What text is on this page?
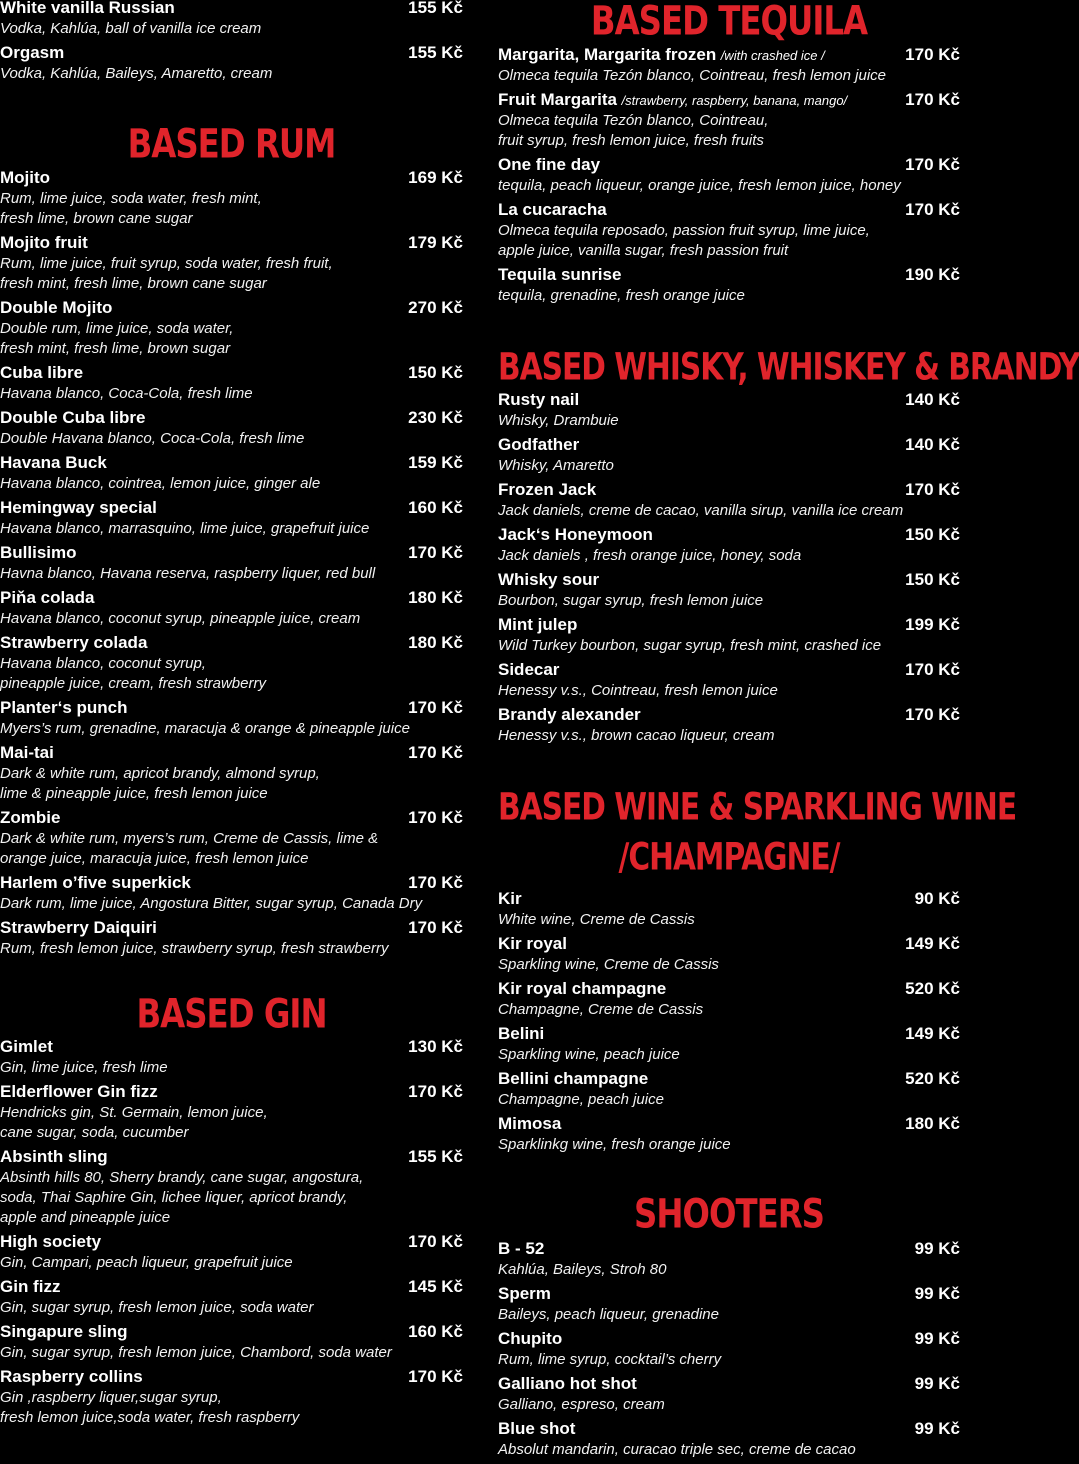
White vanilla Russian	155 Kč
Vodka, Kahlúa, ball of vanilla ice cream
Orgasm	155 Kč
Vodka, Kahlúa, Baileys, Amaretto, cream
BASED RUM
Mojito	169 Kč
Rum, lime juice, soda water, fresh mint,
fresh lime, brown cane sugar
Mojito fruit	179 Kč
Rum, lime juice, fruit syrup, soda water, fresh fruit,
fresh mint, fresh lime, brown cane sugar
Double Mojito	270 Kč
Double rum, lime juice, soda water,
fresh mint, fresh lime, brown sugar
Cuba libre	150 Kč
Havana blanco, Coca-Cola, fresh lime
Double Cuba libre	230 Kč
Double Havana blanco, Coca-Cola, fresh lime
Havana Buck	159 Kč
Havana blanco, cointrea, lemon juice, ginger ale
Hemingway special	160 Kč
Havana blanco, marrasquino, lime juice, grapefruit juice
Bullisimo	170 Kč
Havna blanco, Havana reserva, raspberry liquer, red bull
Piňa colada	180 Kč
Havana blanco, coconut syrup, pineapple juice, cream
Strawberry colada	180 Kč
Havana blanco, coconut syrup,
pineapple juice, cream, fresh strawberry
Planter‘s punch	170 Kč
Myers’s rum, grenadine, maracuja & orange & pineapple juice
Mai-tai	170 Kč
Dark & white rum, apricot brandy, almond syrup,
lime & pineapple juice, fresh lemon juice
Zombie	170 Kč
Dark & white rum, myers’s rum, Creme de Cassis, lime &
orange juice, maracuja juice, fresh lemon juice
Harlem o’five superkick	170 Kč
Dark rum, lime juice, Angostura Bitter, sugar syrup, Canada Dry
Strawberry Daiquiri	170 Kč
Rum, fresh lemon juice, strawberry syrup, fresh strawberry
BASED GIN
Gimlet	130 Kč
Gin, lime juice, fresh lime
Elderflower Gin fizz	170 Kč
Hendricks gin, St. Germain, lemon juice,
cane sugar, soda, cucumber
Absinth sling	155 Kč
Absinth hills 80, Sherry brandy, cane sugar, angostura,
soda, Thai Saphire Gin, lichee liquer, apricot brandy,
apple and pineapple juice
High society	170 Kč
Gin, Campari, peach liqueur, grapefruit juice
Gin fizz	145 Kč
Gin, sugar syrup, fresh lemon juice, soda water
Singapure sling	160 Kč
Gin, sugar syrup, fresh lemon juice, Chambord, soda water
Raspberry collins	170 Kč
Gin ,raspberry liquer,sugar syrup,
fresh lemon juice,soda water, fresh raspberry
BASED TEQUILA
Margarita, Margarita frozen /with crashed ice /	170 Kč
Olmeca tequila Tezón blanco, Cointreau, fresh lemon juice
Fruit Margarita /strawberry, raspberry, banana, mango/	170 Kč
Olmeca tequila Tezón blanco, Cointreau,
fruit syrup, fresh lemon juice, fresh fruits
One fine day	170 Kč
tequila, peach liqueur, orange juice, fresh lemon juice, honey
La cucaracha	170 Kč
Olmeca tequila reposado, passion fruit syrup, lime juice,
apple juice, vanilla sugar, fresh passion fruit
Tequila sunrise	190 Kč
tequila, grenadine, fresh orange juice
BASED WHISKY, WHISKEY & BRANDY
Rusty nail	140 Kč
Whisky, Drambuie
Godfather	140 Kč
Whisky, Amaretto
Frozen Jack	170 Kč
Jack daniels, creme de cacao, vanilla sirup, vanilla ice cream
Jack‘s Honeymoon	150 Kč
Jack daniels , fresh orange juice, honey, soda
Whisky sour	150 Kč
Bourbon, sugar syrup, fresh lemon juice
Mint julep	199 Kč
Wild Turkey bourbon, sugar syrup, fresh mint, crashed ice
Sidecar	170 Kč
Henessy v.s., Cointreau, fresh lemon juice
Brandy alexander	170 Kč
Henessy v.s., brown cacao liqueur, cream
BASED WINE & SPARKLING WINE
/CHAMPAGNE/
Kir	90 Kč
White wine, Creme de Cassis
Kir royal	149 Kč
Sparkling wine, Creme de Cassis
Kir royal champagne	520 Kč
Champagne, Creme de Cassis
Belini	149 Kč
Sparkling wine, peach juice
Bellini champagne	520 Kč
Champagne, peach juice
Mimosa	180 Kč
Sparklinkg wine, fresh orange juice
SHOOTERS
B - 52	99 Kč
Kahlúa, Baileys, Stroh 80
Sperm	99 Kč
Baileys, peach liqueur, grenadine
Chupito	99 Kč
Rum, lime syrup, cocktail’s cherry
Galliano hot shot	99 Kč
Galliano, espreso, cream
Blue shot	99 Kč
Absolut mandarin, curacao triple sec, creme de cacao
